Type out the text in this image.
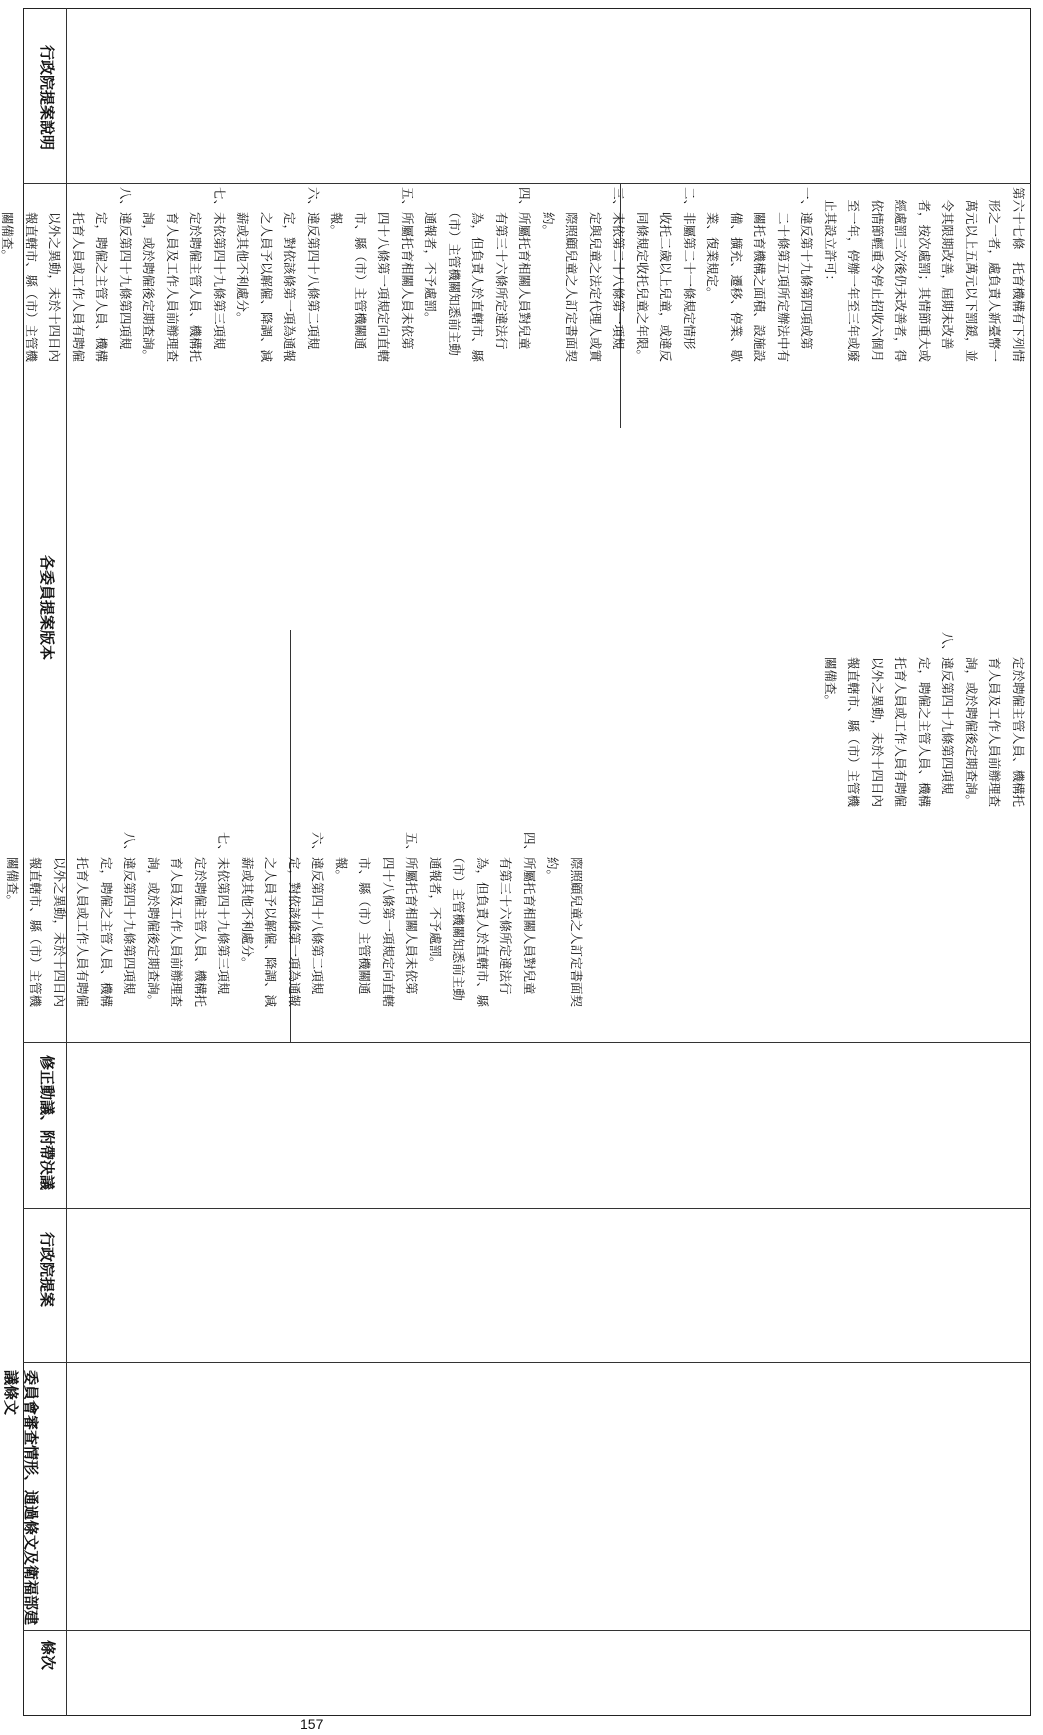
行政院提案說明
各委員提案版本
修正動議、附帶決議
行政院提案
委員會審查情形、通過條文及衛福部建議條文
條次
第六十七條　托育機構有下列情
　形之一者，處負責人新臺幣一
　萬元以上五萬元以下罰鍰，並
　令其限期改善，屆期未改善
　者，按次處罰；其情節重大或
　經處罰三次後仍未改善者，得
　依情節輕重令停止招收六個月
　至一年，停辦一年至三年或廢
　止其設立許可：
一、違反第十九條第四項或第
　　二十條第五項所定辦法中有
　　關托育機構之面積、設施設
　　備、擴充、遷移、停業、歇
　　業、復業規定。
二、非屬第二十一條規定情形
　　收托二歲以上兒童，或違反
　　同條規定收托兒童之年限。
三、未依第二十八條第一項規
　　定與兒童之法定代理人或實
　　際照顧兒童之人訂定書面契
　　約。
四、所屬托育相關人員對兒童
　　有第三十六條所定違法行
　　為，但負責人於直轄市、縣
　　（市）主管機關知悉前主動
　　通報者，不予處罰。
五、所屬托育相關人員未依第
　　四十八條第一項規定向直轄
　　市、縣（市）主管機關通
　　報。
六、違反第四十八條第二項規
　　定，對依該條第一項為通報
　　之人員予以解僱、降調、減
　　薪或其他不利處分。
七、未依第四十九條第三項規
　　定於聘僱主管人員、機構托
　　育人員及工作人員前辦理查
　　詢，或於聘僱後定期查詢。
八、違反第四十九條第四項規
　　定，聘僱之主管人員、機構
　　托育人員或工作人員有聘僱
　　以外之異動，未於十四日內
　　報直轄市、縣（市）主管機
　　關備查。
　　定於聘僱主管人員、機構托
　　育人員及工作人員前辦理查
　　詢，或於聘僱後定期查詢。
八、違反第四十九條第四項規
　　定，聘僱之主管人員、機構
　　托育人員或工作人員有聘僱
　　以外之異動，未於十四日內
　　報直轄市、縣（市）主管機
　　關備查。
　　際照顧兒童之人訂定書面契
　　約。
四、所屬托育相關人員對兒童
　　有第三十六條所定違法行
　　為，但負責人於直轄市、縣
　　（市）主管機關知悉前主動
　　通報者，不予處罰。
五、所屬托育相關人員未依第
　　四十八條第一項規定向直轄
　　市、縣（市）主管機關通
　　報。
六、違反第四十八條第二項規
　　定，對依該條第一項為通報
　　之人員予以解僱、降調、減
　　薪或其他不利處分。
七、未依第四十九條第三項規
　　定於聘僱主管人員、機構托
　　育人員及工作人員前辦理查
　　詢，或於聘僱後定期查詢。
八、違反第四十九條第四項規
　　定，聘僱之主管人員、機構
　　托育人員或工作人員有聘僱
　　以外之異動，未於十四日內
　　報直轄市、縣（市）主管機
　　關備查。
157
